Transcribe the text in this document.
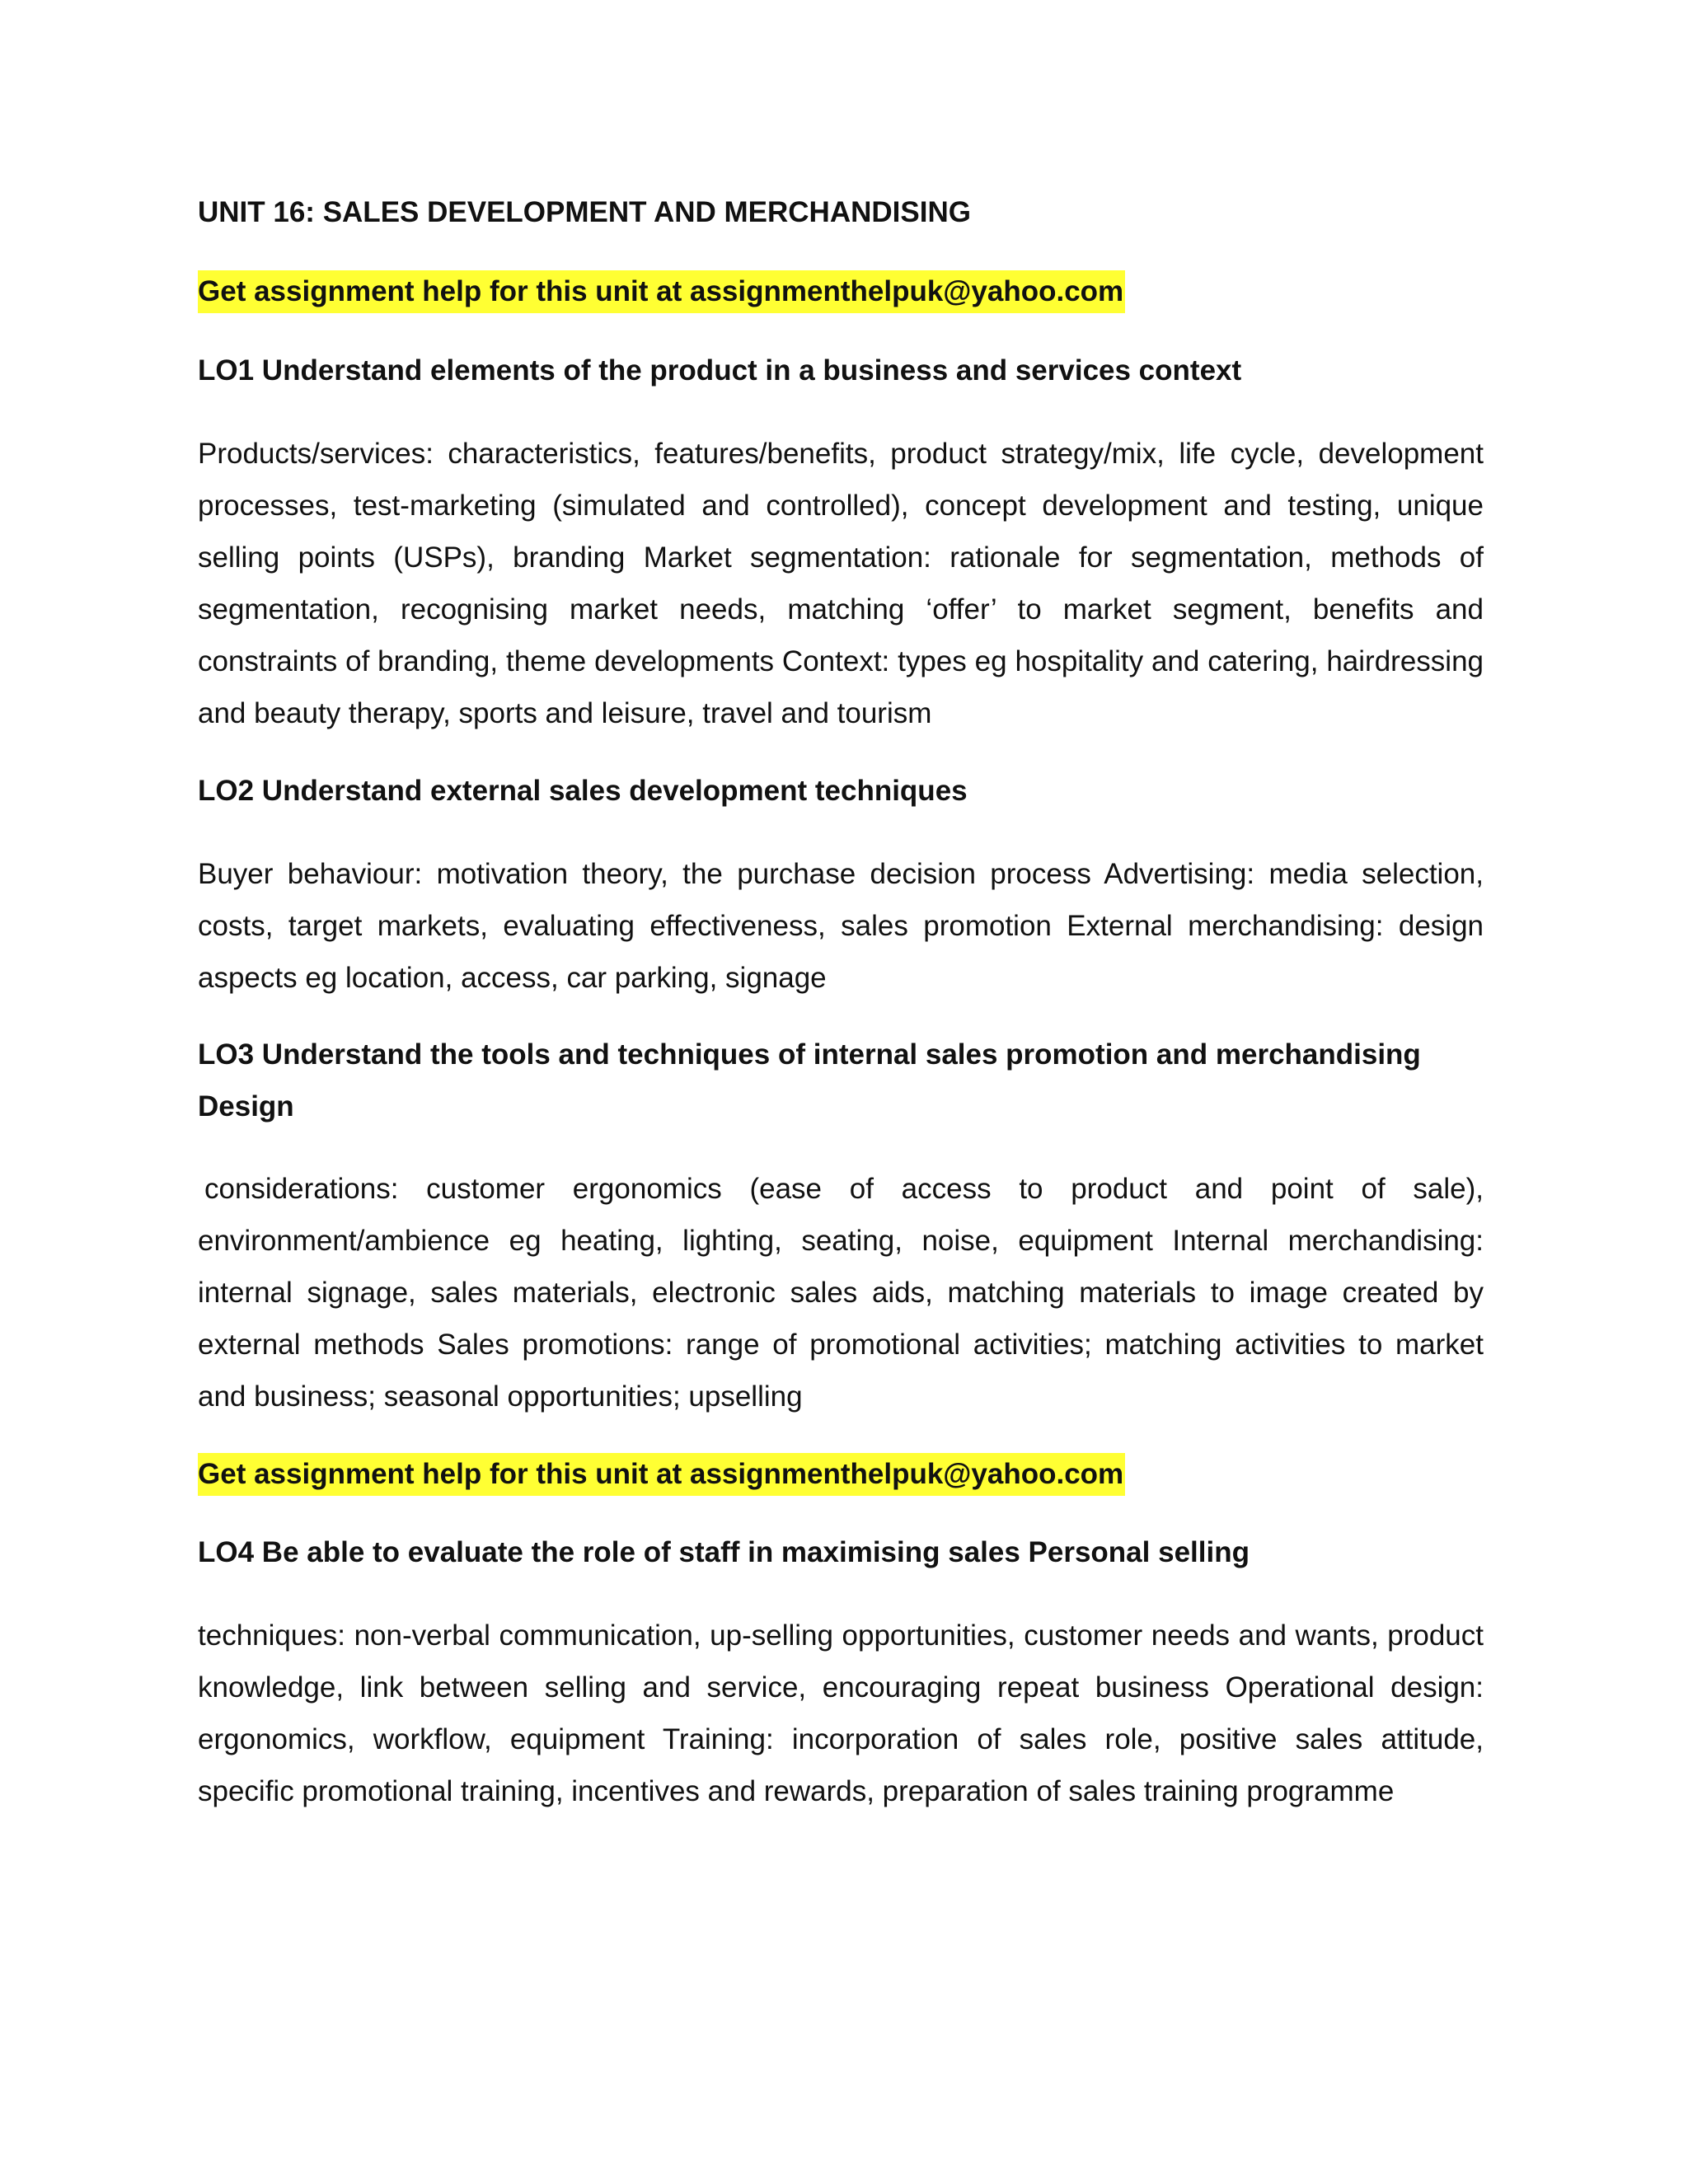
UNIT 16: SALES DEVELOPMENT AND MERCHANDISING
Get assignment help for this unit at assignmenthelpuk@yahoo.com
LO1 Understand elements of the product in a business and services context
Products/services: characteristics, features/benefits, product strategy/mix, life cycle, development processes, test-marketing (simulated and controlled), concept development and testing, unique selling points (USPs), branding Market segmentation: rationale for segmentation, methods of segmentation, recognising market needs, matching ‘offer’ to market segment, benefits and constraints of branding, theme developments Context: types eg hospitality and catering, hairdressing and beauty therapy, sports and leisure, travel and tourism
LO2 Understand external sales development techniques
Buyer behaviour: motivation theory, the purchase decision process Advertising: media selection, costs, target markets, evaluating effectiveness, sales promotion External merchandising: design aspects eg location, access, car parking, signage
LO3 Understand the tools and techniques of internal sales promotion and merchandising Design
considerations: customer ergonomics (ease of access to product and point of sale), environment/ambience eg heating, lighting, seating, noise, equipment Internal merchandising: internal signage, sales materials, electronic sales aids, matching materials to image created by external methods Sales promotions: range of promotional activities; matching activities to market and business; seasonal opportunities; upselling
Get assignment help for this unit at assignmenthelpuk@yahoo.com
LO4 Be able to evaluate the role of staff in maximising sales Personal selling
techniques: non-verbal communication, up-selling opportunities, customer needs and wants, product knowledge, link between selling and service, encouraging repeat business Operational design: ergonomics, workflow, equipment Training: incorporation of sales role, positive sales attitude, specific promotional training, incentives and rewards, preparation of sales training programme
